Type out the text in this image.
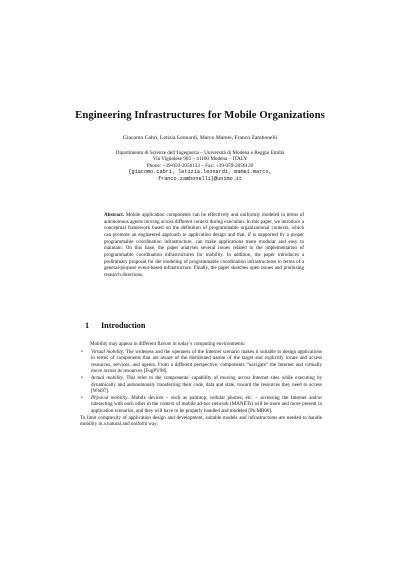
Engineering Infrastructures for Mobile Organizations
Giacomo Cabri, Letizia Leonardi, Marco Mamei, Franco Zambonelli
Dipartimento di Scienze dell’Ingegneria – Università di Modena e Reggio Emilia
Via Vignolese 905 – 41100 Modena – ITALY
Phone: +39-059-2056133 – Fax: +39-059-2056126
{giacomo.cabri, letizia.leonardi, mamei.marco,
franco.zambonelli}@unimo.it
Abstract. Mobile application components can be effectively and uniformly modeled in terms of autonomous agents moving across different context during execution. In this paper, we introduce a conceptual framework based on the definition of programmable organizational contexts, which can promote an engineered approach to application design and that, if is supported by a proper programmable coordination infrastructure, can make applications more modular and easy to maintain. On this base, the paper analyses several issues related to the implementation of programmable coordination infrastructures for mobility. In addition, the paper introduces a preliminary proposal for the modeling of programmable coordination infrastructures in terms of a general-purpose event-based infrastructure. Finally, the paper sketches open issues and promising research directions.
1 Introduction

Mobility may appear in different flavors in today’s computing environments:

• Virtual mobility. The wideness and the openness of the Internet scenario makes it suitable to design applications in terms of components that are aware of the distributed nature of the target and explicitly locate and access resources, services, and agents. From a different perspective, components “navigate” the Internet and virtually move across its resources [FugPV98].
• Actual mobility. This refer to the components’ capability of moving across Internet sites while executing by dynamically and autonomously transferring their code, data and state, toward the resources they need to access [Whi97].
• Physical mobility. Mobile devices – such as palmtop, cellular phones, etc. – accessing the Internet and/or interacting with each other in the context of mobile ad-hoc network (MANETs) will be more and more present in application scenarios, and they will have to be properly handled and modeled [PicMR00].

To limit complexity of application design and development, suitable models and infrastructures are needed to handle mobility in a natural and uniform way.
